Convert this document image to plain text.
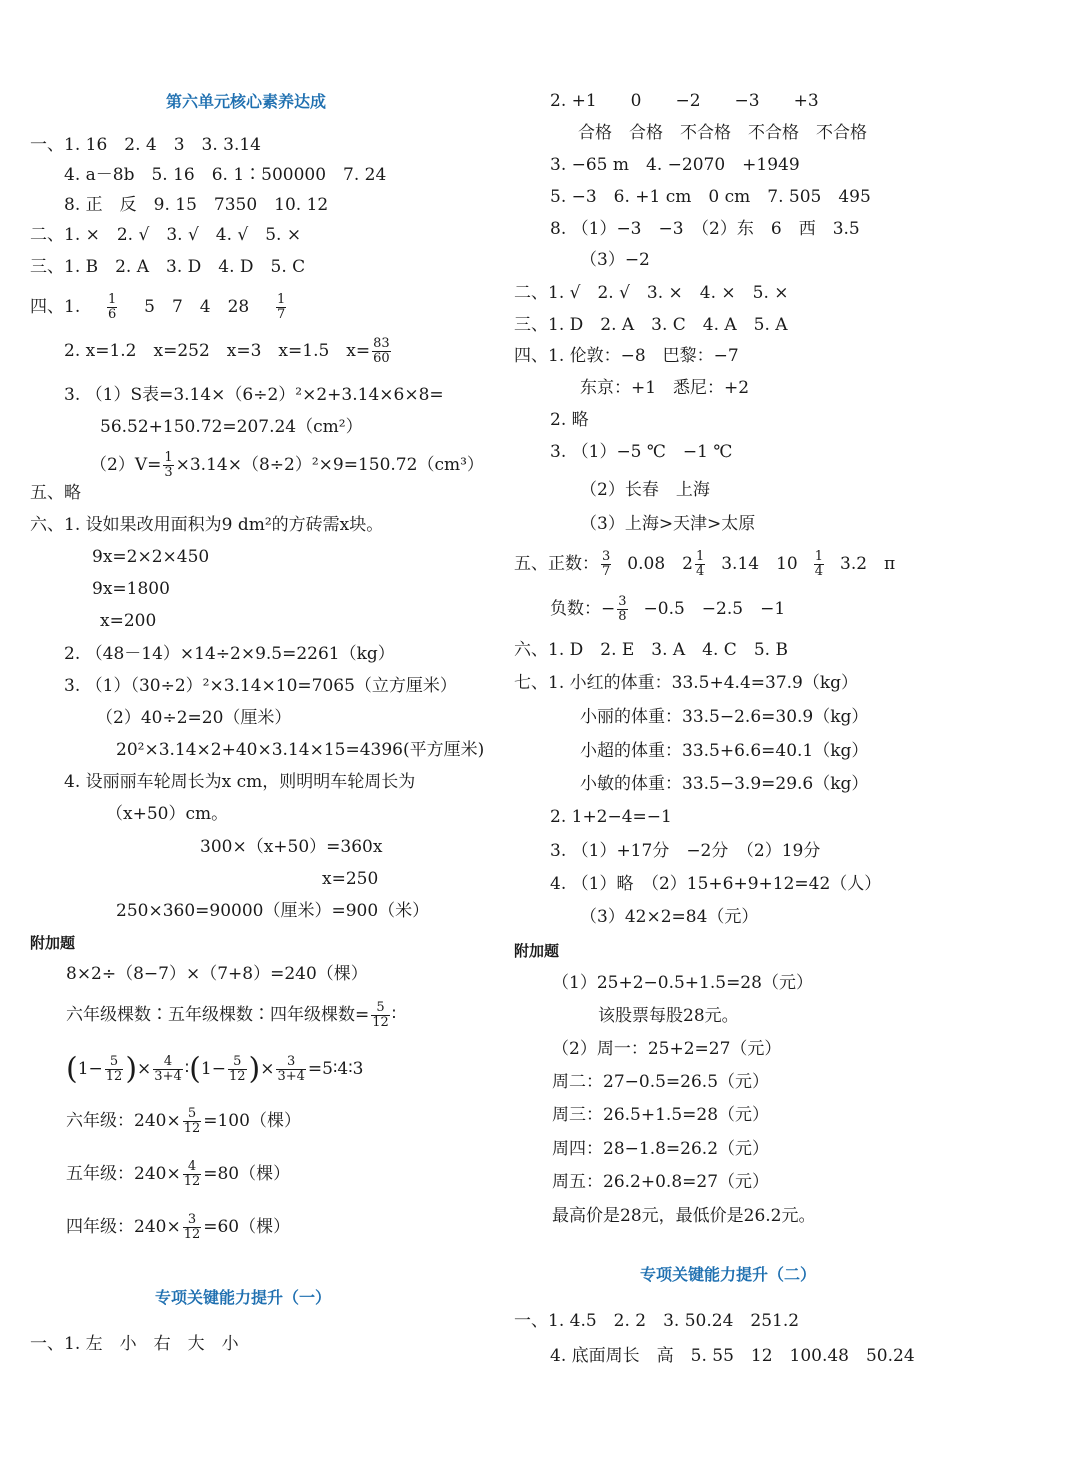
第六单元核心素养达成
一、1. 16　2. 4　3　3. 3.14
4. a－8b　5. 16　6. 1∶500000　7. 24
8. 正　反　9. 15　7350　10. 12
二、1. ×　2. √　3. √　4. √　5. ×
三、1. B　2. A　3. D　4. D　5. C
四、1. $\frac{1}{6} 5$　7　4　$28 \frac{1}{7}$
2. x=1.2　x=252　x=3　x=1.5　$x= \frac{83}{60}$
3. （1）S表=3.14×（6÷2）²×2+3.14×6×8=
56.52+150.72=207.24（cm²）
$(2)V= \frac{1}{3} \times 3.14\times(8\div 2)^2\times 9=150.72(cm^3)$
五、略
六、1. 设如果改用面积为9 dm²的方砖需x块。
9x=2×2×450
9x=1800
x=200
2. （48－14）×14÷2×9.5=2261（kg）
3. （1）（30÷2）²×3.14×10=7065（立方厘米）
（2）40÷2=20（厘米）
20²×3.14×2+40×3.14×15=4396(平方厘米)
4. 设丽丽车轮周长为x cm，则明明车轮周长为
（x+50）cm。
300×（x+50）=360x
x=250
250×360=90000（厘米）=900（米）
附加题
8×2÷（8−7）×（7+8）=240（棵）
六年级棵数∶五年级棵数∶四年级棵数= $\frac{5}{12}$ ∶
($1- \frac{5}{12}$ )× $\frac{4}{3+4}$ ∶(1− $\frac{5}{12}$ )× $\frac{3}{3+4}$ =5∶4∶3
六年级：$240\times \frac{5}{12} =100$（棵）
五年级：$240\times \frac{4}{12} =80$（棵）
四年级：$240\times \frac{3}{12} =60$（棵）
专项关键能力提升（一）
一、1. 左　小　右　大　小
2. +1　　0　　−2　　−3　　+3
合格　合格　不合格　不合格　不合格
3. −65 m　4. −2070　+1949
5. −3　6. +1 cm　0 cm　7. 505　495
8. （1）−3　−3　（2）东　6　西　3.5
（3）−2
二、1. √　2. √　3. ×　4. ×　5. ×
三、1. D　2. A　3. C　4. A　5. A
四、1. 伦敦：−8　巴黎：−7
东京：+1　悉尼：+2
2. 略
3. （1）−5 ℃　−1 ℃
（2）长春　上海
（3）上海>天津>太原
五、正数： $\frac{3}{7} 0.08$　$2 \frac{1}{4} 3.14$　$10 \frac{1}{4} 3.2$　π
负数：− $\frac{3}{8} -0.5$　−2.5　−1
六、1. D　2. E　3. A　4. C　5. B
七、1. 小红的体重：33.5+4.4=37.9（kg）
小丽的体重：33.5−2.6=30.9（kg）
小超的体重：33.5+6.6=40.1（kg）
小敏的体重：33.5−3.9=29.6（kg）
2. 1+2−4=−1
3. （1）+17分　−2分　（2）19分
4. （1）略　（2）15+6+9+12=42（人）
（3）42×2=84（元）
附加题
（1）25+2−0.5+1.5=28（元）
该股票每股28元。
（2）周一：25+2=27（元）
周二：27−0.5=26.5（元）
周三：26.5+1.5=28（元）
周四：28−1.8=26.2（元）
周五：26.2+0.8=27（元）
最高价是28元，最低价是26.2元。
专项关键能力提升（二）
一、1. 4.5　2. 2　3. 50.24　251.2
4. 底面周长　高　5. 55　12　100.48　50.24
